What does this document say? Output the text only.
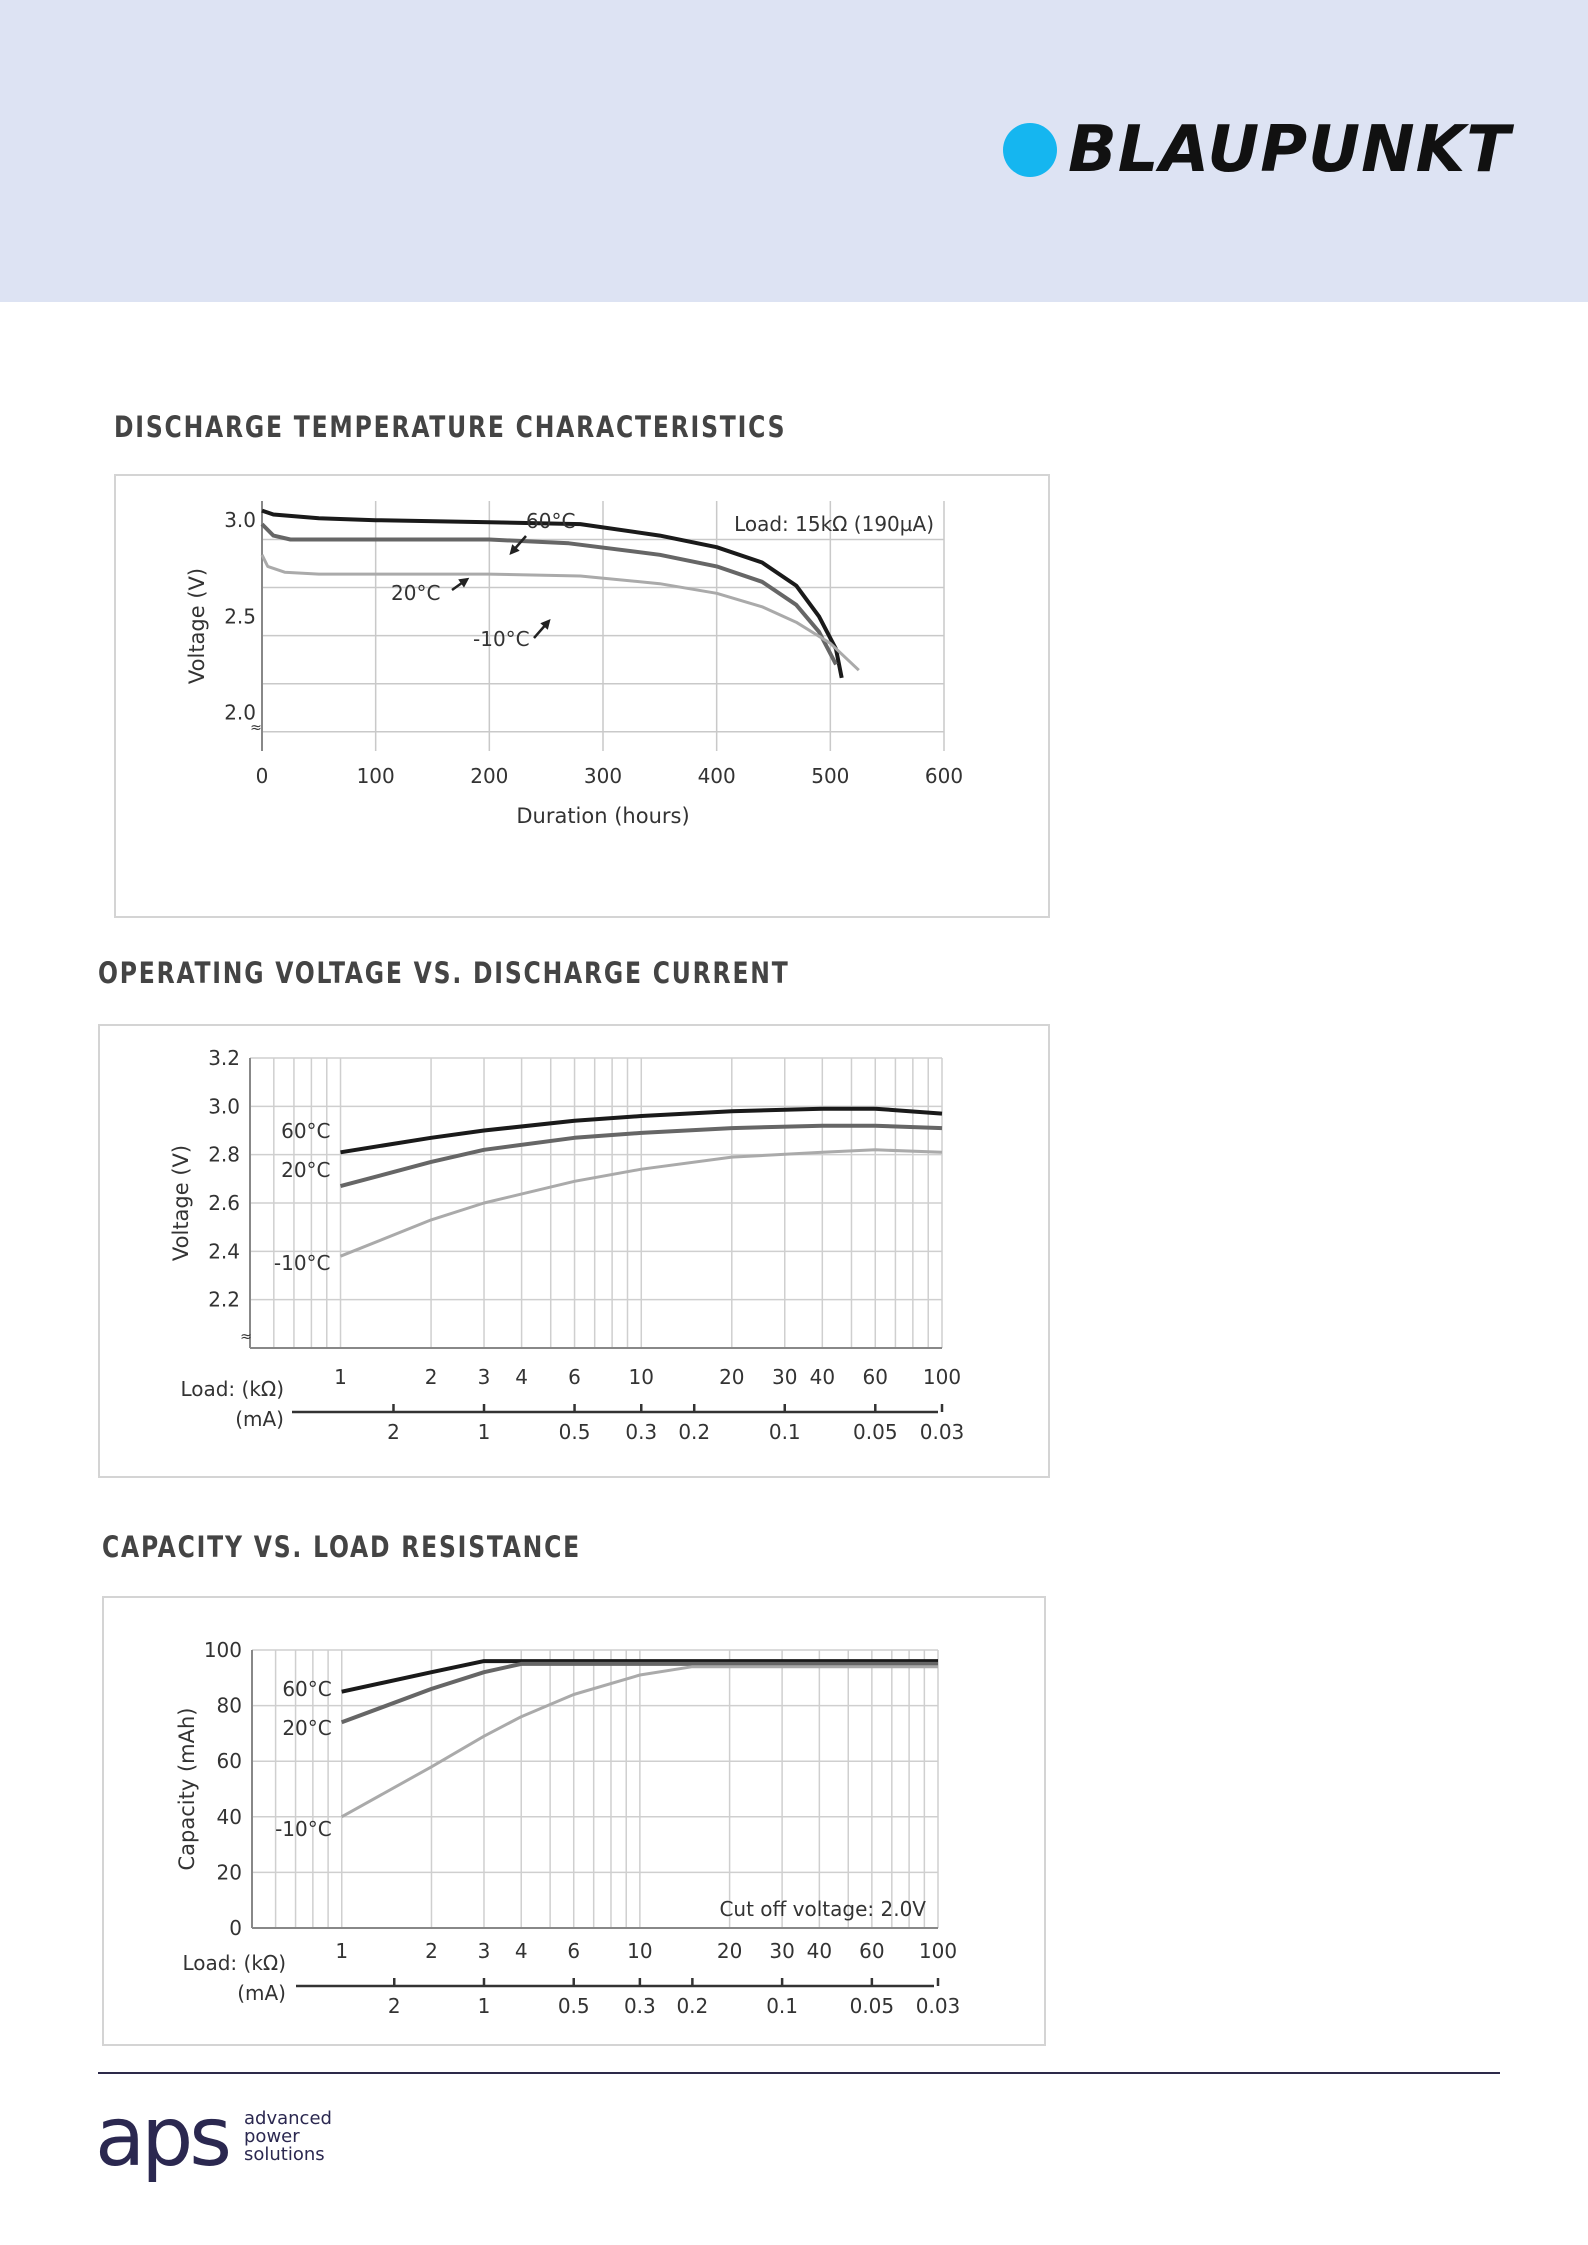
BLAUPUNKT
DISCHARGE TEMPERATURE CHARACTERISTICS
0	100	200	300	400	500	600
2.0
2.5
3.0
≈
Duration (hours)
Voltage (V)
Load: 15kΩ (190µA)
60°C
20°C
-10°C
OPERATING VOLTAGE VS. DISCHARGE CURRENT
1	2 3 4 6 10	20 30 40 60 100
2	1	0.5 0.3 0.2	0.1	0.05 0.03
Load: (kΩ)
(mA)
2.2
2.4
2.6
2.8
3.0
3.2
≈
Voltage (V)
60°C
20°C
-10°C
CAPACITY VS. LOAD RESISTANCE
1	2 3 4 6 10	20 30 40 60 100
2	1	0.5 0.3 0.2	0.1	0.05 0.03
Load: (kΩ)
(mA)
0
20
40
60
80
100
Capacity (mAh)
Cut off voltage: 2.0V
60°C
20°C
-10°C
aps advanced
power
solutions
